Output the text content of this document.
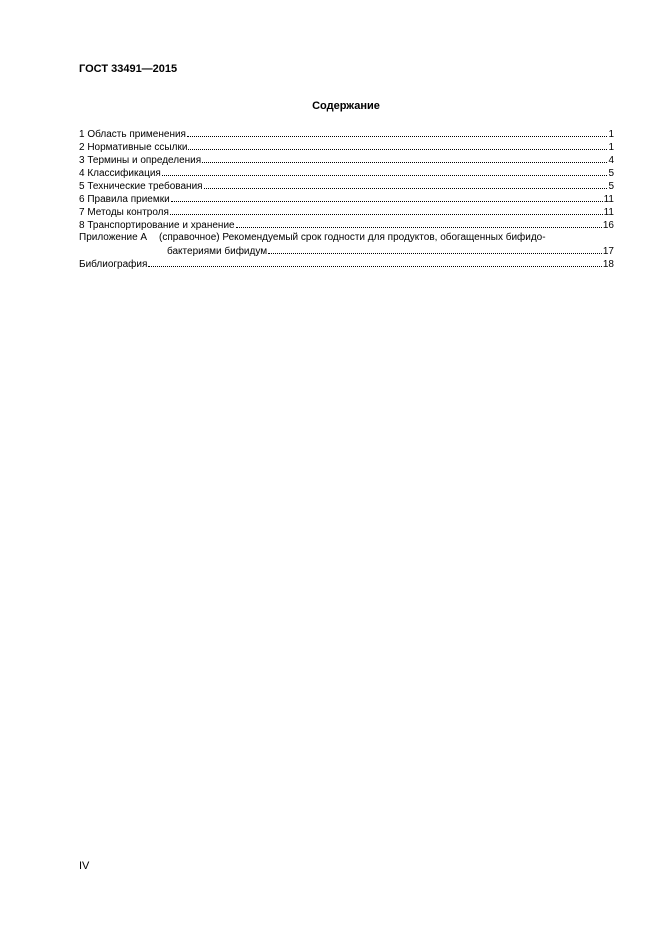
ГОСТ 33491—2015
Содержание
1 Область применения	1
2 Нормативные ссылки	1
3 Термины и определения	4
4 Классификация	5
5 Технические требования	5
6 Правила приемки	11
7 Методы контроля	11
8 Транспортирование и хранение	16
Приложение А	(справочное) Рекомендуемый срок годности для продуктов, обогащенных бифидо-
бактериями бифидум	17
Библиография	18
IV
